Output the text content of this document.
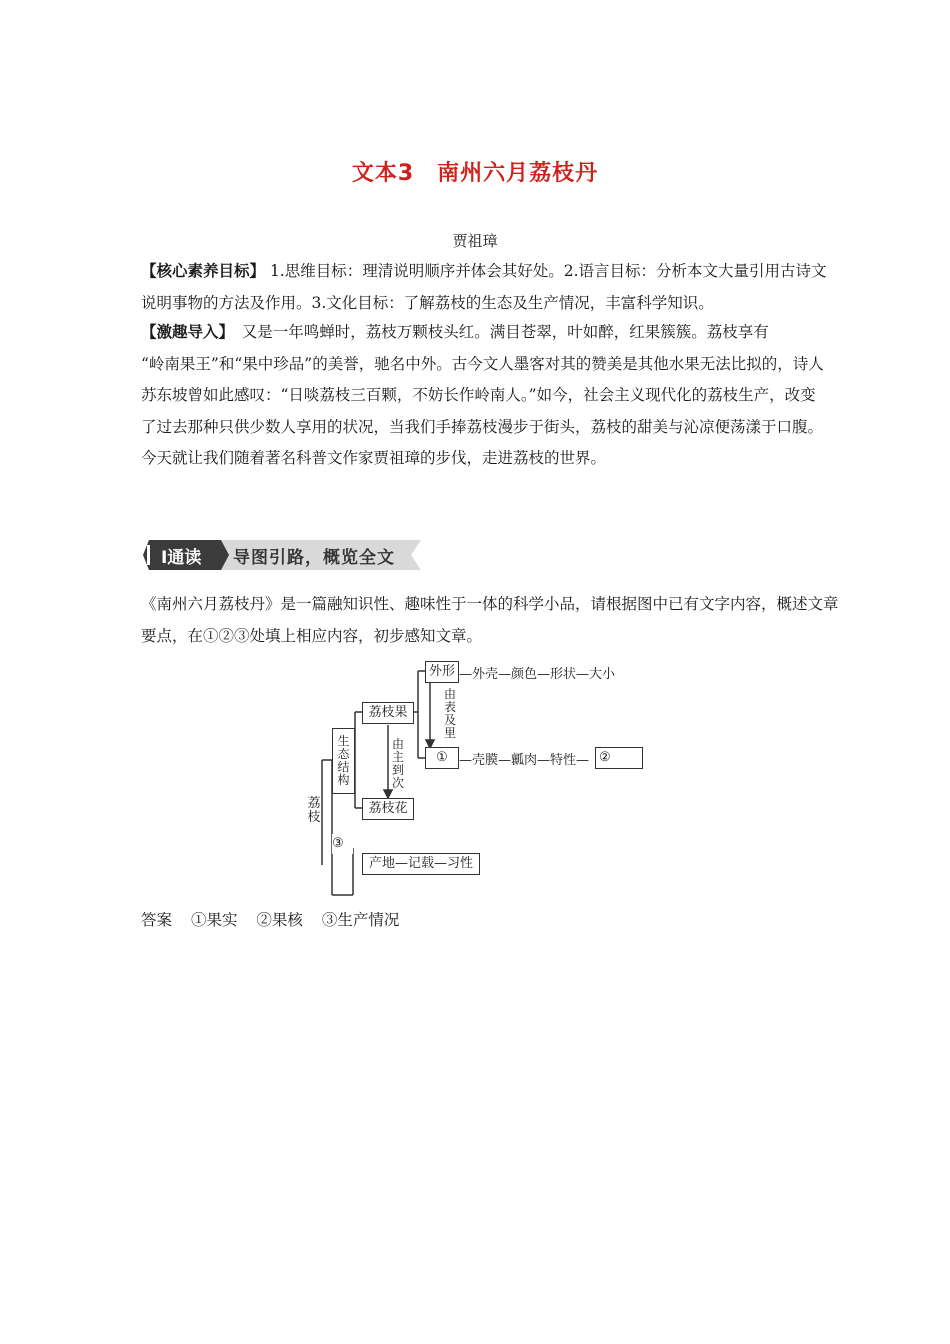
文本3　南州六月荔枝丹
贾祖璋

【核心素养目标】 1.思维目标：理清说明顺序并体会其好处。2.语言目标：分析本文大量引用古诗文说明事物的方法及作用。3.文化目标：了解荔枝的生态及生产情况，丰富科学知识。

【激趣导入】　又是一年鸣蝉时，荔枝万颗枝头红。满目苍翠，叶如醉，红果簇簇。荔枝享有
“岭南果王”和“果中珍品”的美誉，驰名中外。古今文人墨客对其的赞美是其他水果无法比拟的，诗人苏东坡曾如此感叹：“日啖荔枝三百颗，不妨长作岭南人。”如今，社会主义现代化的荔枝生产，改变了过去那种只供少数人享用的状况，当我们手捧荔枝漫步于街头，荔枝的甜美与沁凉便荡漾于口腹。今天就让我们随着著名科普文作家贾祖璋的步伐，走进荔枝的世界。

Ⅰ通读 导图引路，概览全文

《南州六月荔枝丹》是一篇融知识性、趣味性于一体的科学小品，请根据图中已有文字内容，概述文章要点，在①②③处填上相应内容，初步感知文章。

外形 —外壳—颜色—形状—大小
由表及里
荔枝果
由主到次
① —壳膜—瓤肉—特性— ②
生态结构
荔枝花
荔枝
③
产地—记载—习性
答案 ①果实 ②果核 ③生产情况
